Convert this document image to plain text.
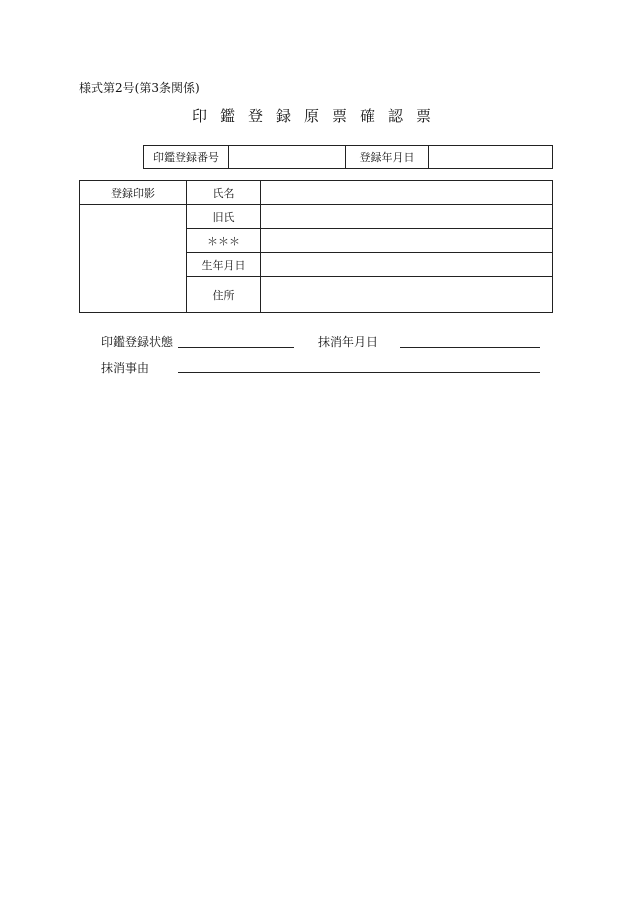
様式第2号(第3条関係)
印鑑登録原票確認票
印鑑登録番号		登録年月日	
登録印影	氏名	
	旧氏	
	＊＊＊	
	生年月日	
	住所	
印鑑登録状態	抹消年月日
抹消事由
